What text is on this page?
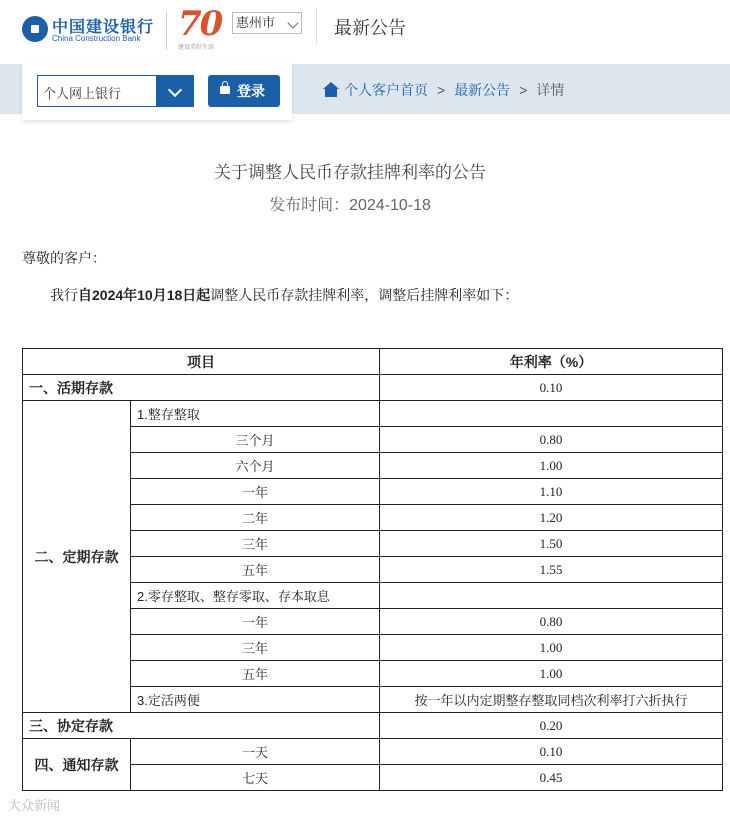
中国建设银行
China Construction Bank 70
建设美好生活
惠州市	最新公告
个人网上银行	登录	个人客户首页 > 最新公告 > 详情
关于调整人民币存款挂牌利率的公告
发布时间：2024-10-18
尊敬的客户：
我行自2024年10月18日起调整人民币存款挂牌利率，调整后挂牌利率如下：
项目		年利率（%）
一、活期存款		0.10
二、定期存款	1.整存整取	
	三个月	0.80
	六个月	1.00
	一年	1.10
	二年	1.20
	三年	1.50
	五年	1.55
	2.零存整取、整存零取、存本取息	
	一年	0.80
	三年	1.00
	五年	1.00
	3.定活两便	按一年以内定期整存整取同档次利率打六折执行
三、协定存款		0.20
四、通知存款	一天	0.10
	七天	0.45
大众新闻
